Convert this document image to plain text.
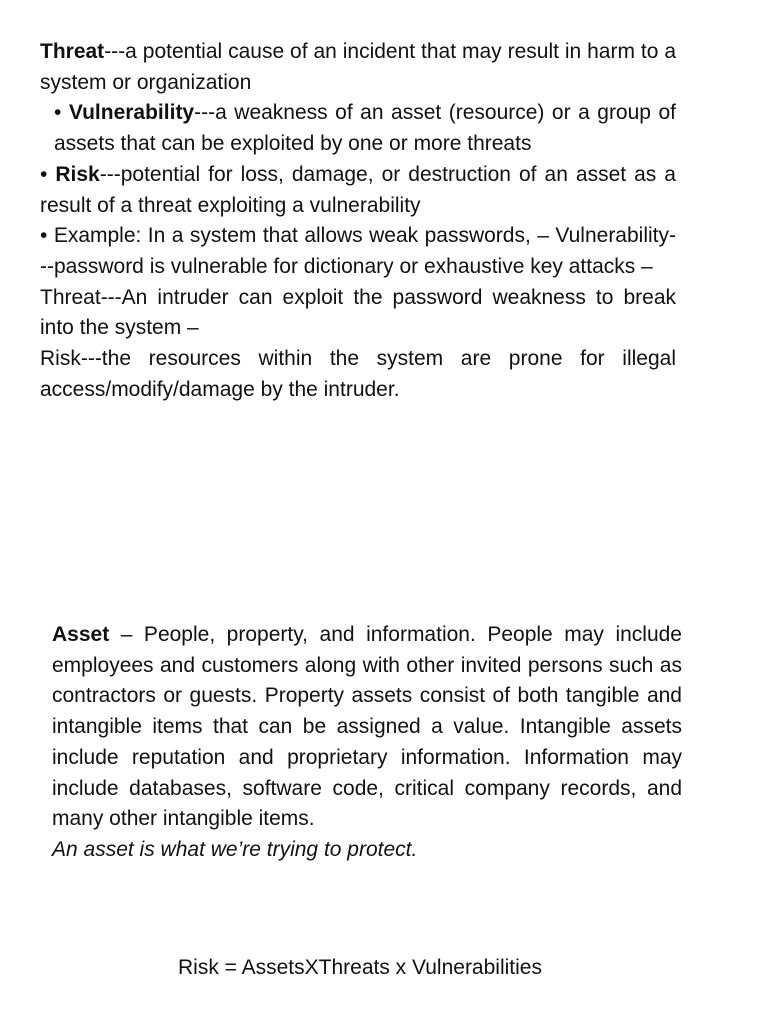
Threat---a potential cause of an incident that may result in harm to a system or organization

• Vulnerability---a weakness of an asset (resource) or a group of assets that can be exploited by one or more threats

• Risk---potential for loss, damage, or destruction of an asset as a result of a threat exploiting a vulnerability

• Example: In a system that allows weak passwords, – Vulnerability---password is vulnerable for dictionary or exhaustive key attacks –

Threat---An intruder can exploit the password weakness to break into the system –

Risk---the resources within the system are prone for illegal access/modify/damage by the intruder.

Asset – People, property, and information. People may include employees and customers along with other invited persons such as contractors or guests. Property assets consist of both tangible and intangible items that can be assigned a value. Intangible assets include reputation and proprietary information. Information may include databases, software code, critical company records, and many other intangible items.

An asset is what we’re trying to protect.

Risk = AssetsXThreats x Vulnerabilities
